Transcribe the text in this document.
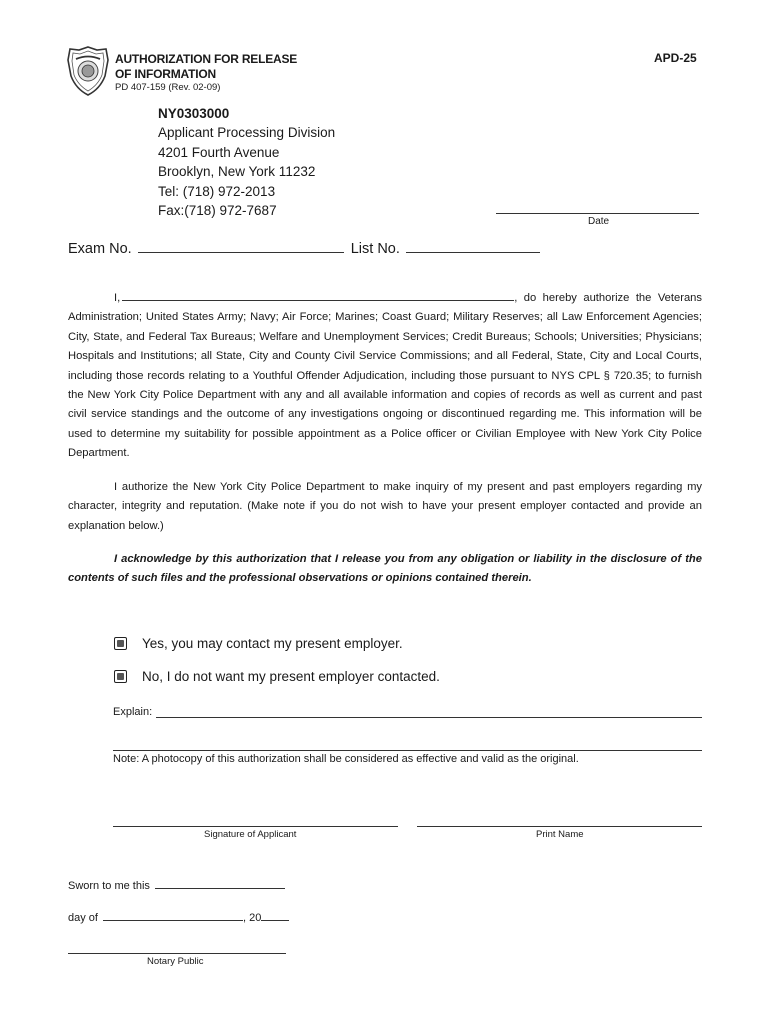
AUTHORIZATION FOR RELEASE
OF INFORMATION
PD 407-159 (Rev. 02-09)
APD-25
NY0303000
Applicant Processing Division
4201 Fourth Avenue
Brooklyn, New York 11232
Tel: (718) 972-2013
Fax:(718) 972-7687
Date
Exam No.	List No.

I,	, do hereby authorize the Veterans Administration; United States Army; Navy; Air Force; Marines; Coast Guard; Military Reserves; all Law Enforcement Agencies; City, State, and Federal Tax Bureaus; Welfare and Unemployment Services; Credit Bureaus; Schools; Universities; Physicians; Hospitals and Institutions; all State, City and County Civil Service Commissions; and all Federal, State, City and Local Courts, including those records relating to a Youthful Offender Adjudication, including those pursuant to NYS CPL § 720.35; to furnish the New York City Police Department with any and all available information and copies of records as well as current and past civil service standings and the outcome of any investigations ongoing or discontinued regarding me. This information will be used to determine my suitability for possible appointment as a Police officer or Civilian Employee with New York City Police Department.

I authorize the New York City Police Department to make inquiry of my present and past employers regarding my character, integrity and reputation. (Make note if you do not wish to have your present employer contacted and provide an explanation below.)

I acknowledge by this authorization that I release you from any obligation or liability in the disclosure of the contents of such files and the professional observations or opinions contained therein.

Yes, you may contact my present employer.
No, I do not want my present employer contacted.
Explain:
Note: A photocopy of this authorization shall be considered as effective and valid as the original.
Signature of Applicant	Print Name
Sworn to me this
day of	, 20
Notary Public
